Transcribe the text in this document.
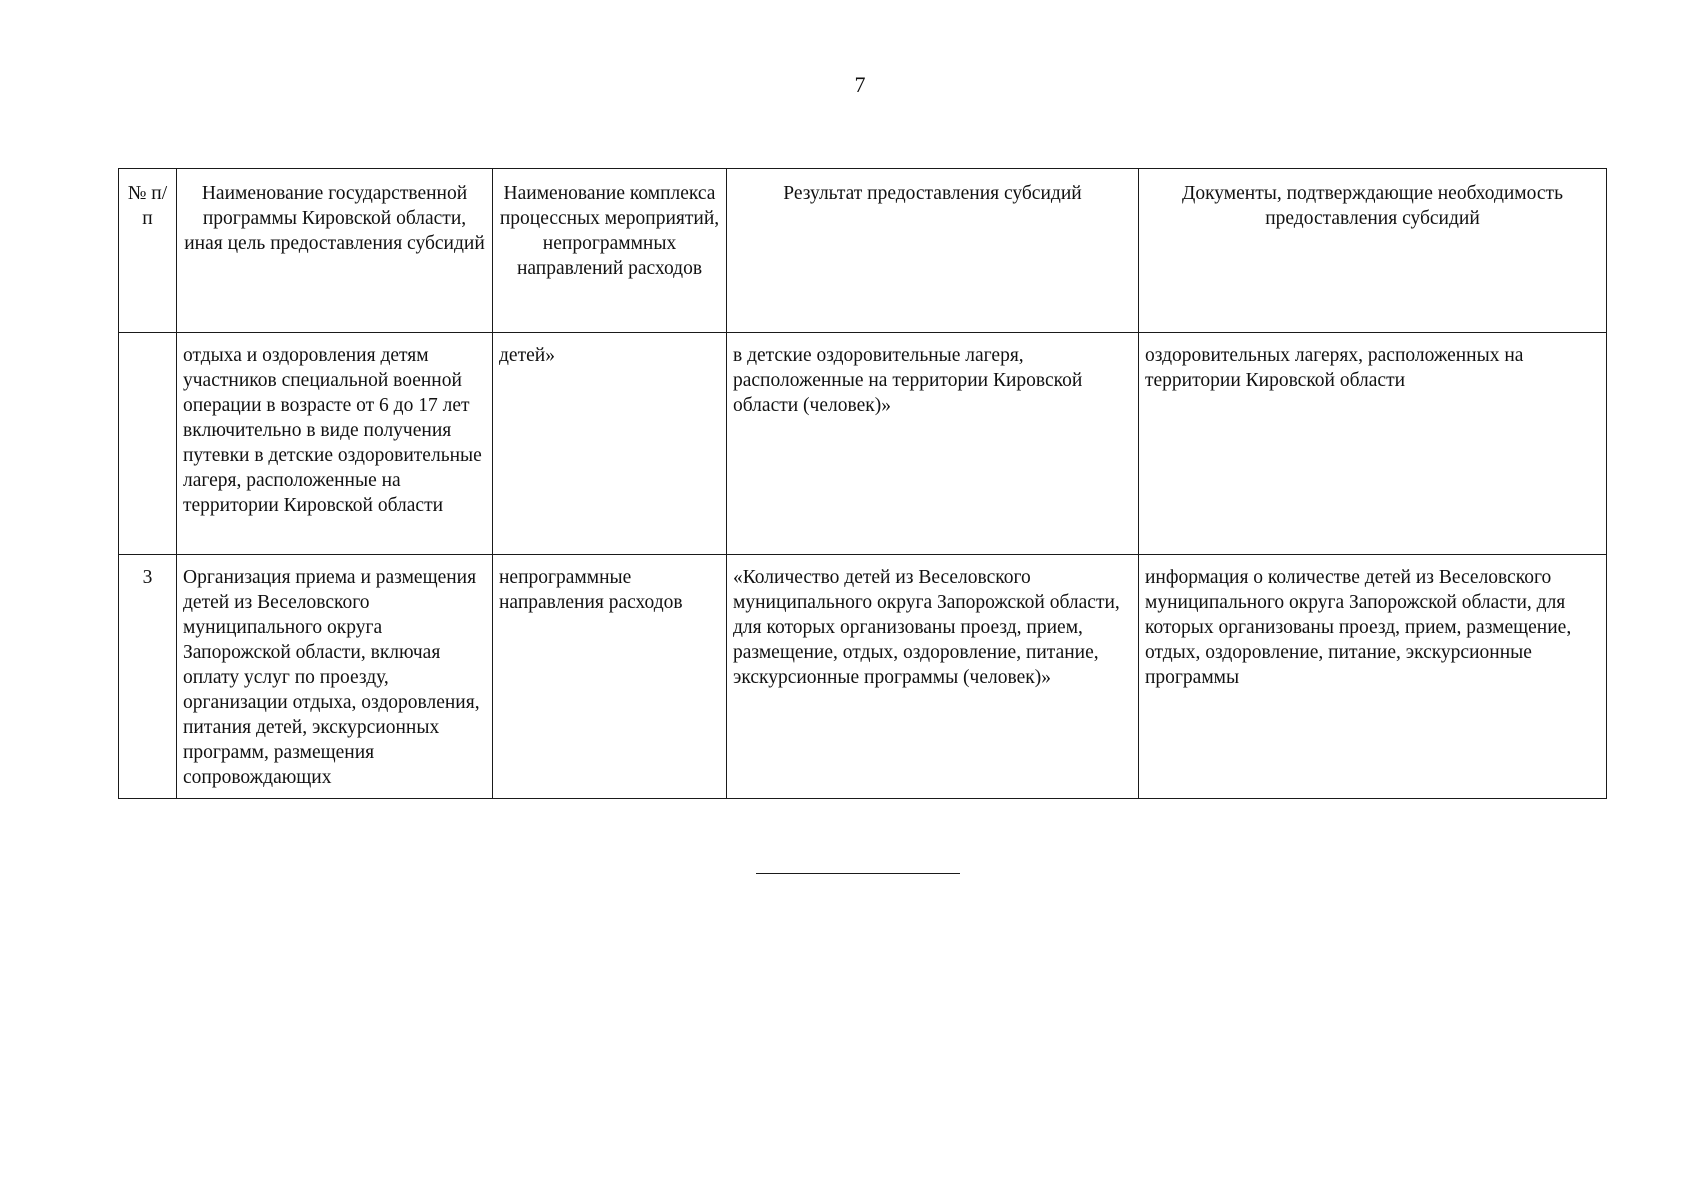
7
№ п/п	Наименование государственной программы Кировской области, иная цель предоставления субсидий	Наименование комплекса процессных мероприятий, непрограммных направлений расходов	Результат предоставления субсидий	Документы, подтверждающие необходимость предоставления субсидий
	отдыха и оздоровления детям участников специальной военной операции в возрасте от 6 до 17 лет включительно в виде получения путевки в детские оздоровительные лагеря, расположенные на территории Кировской области	детей»	в детские оздоровительные лагеря, расположенные на территории Кировской области (человек)»	оздоровительных лагерях, расположенных на территории Кировской области
3	Организация приема и размещения детей из Веселовского муниципального округа Запорожской области, включая оплату услуг по проезду, организации отдыха, оздоровления, питания детей, экскурсионных программ, размещения сопровождающих	непрограммные направления расходов	«Количество детей из Веселовского муниципального округа Запорожской области, для которых организованы проезд, прием, размещение, отдых, оздоровление, питание, экскурсионные программы (человек)»	информация о количестве детей из Веселовского муниципального округа Запорожской области, для которых организованы проезд, прием, размещение, отдых, оздоровление, питание, экскурсионные программы
